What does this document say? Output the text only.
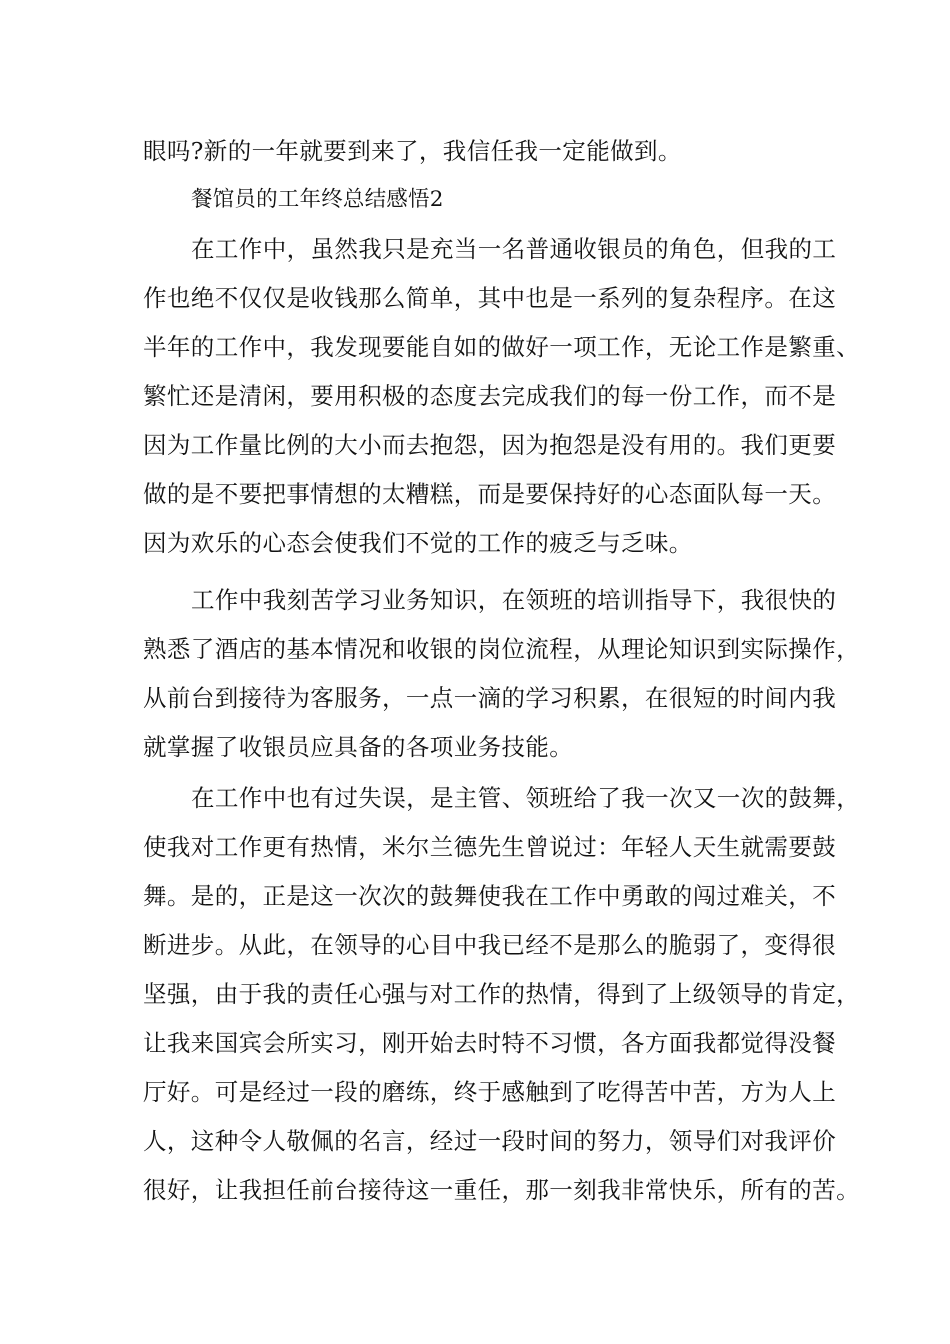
眼吗?新的一年就要到来了，我信任我一定能做到。
餐馆员的工年终总结感悟2
在工作中，虽然我只是充当一名普通收银员的角色，但我的工
作也绝不仅仅是收钱那么简单，其中也是一系列的复杂程序。在这
半年的工作中，我发现要能自如的做好一项工作，无论工作是繁重、
繁忙还是清闲，要用积极的态度去完成我们的每一份工作，而不是
因为工作量比例的大小而去抱怨，因为抱怨是没有用的。我们更要
做的是不要把事情想的太糟糕，而是要保持好的心态面队每一天。
因为欢乐的心态会使我们不觉的工作的疲乏与乏味。
工作中我刻苦学习业务知识，在领班的培训指导下，我很快的
熟悉了酒店的基本情况和收银的岗位流程，从理论知识到实际操作，
从前台到接待为客服务，一点一滴的学习积累，在很短的时间内我
就掌握了收银员应具备的各项业务技能。
在工作中也有过失误，是主管、领班给了我一次又一次的鼓舞，
使我对工作更有热情，米尔兰德先生曾说过：年轻人天生就需要鼓
舞。是的，正是这一次次的鼓舞使我在工作中勇敢的闯过难关，不
断进步。从此，在领导的心目中我已经不是那么的脆弱了，变得很
坚强，由于我的责任心强与对工作的热情，得到了上级领导的肯定，
让我来国宾会所实习，刚开始去时特不习惯，各方面我都觉得没餐
厅好。可是经过一段的磨练，终于感触到了吃得苦中苦，方为人上
人，这种令人敬佩的名言，经过一段时间的努力，领导们对我评价
很好，让我担任前台接待这一重任，那一刻我非常快乐，所有的苦。
